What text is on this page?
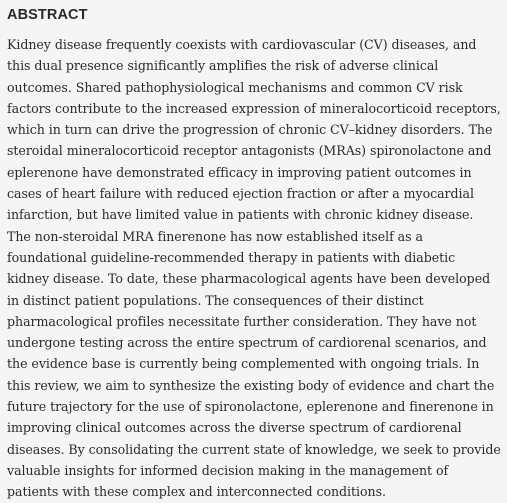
ABSTRACT

Kidney disease frequently coexists with cardiovascular (CV) diseases, and this dual presence significantly amplifies the risk of adverse clinical outcomes. Shared pathophysiological mechanisms and common CV risk factors contribute to the increased expression of mineralocorticoid receptors, which in turn can drive the progression of chronic CV–kidney disorders. The steroidal mineralocorticoid receptor antagonists (MRAs) spironolactone and eplerenone have demonstrated efficacy in improving patient outcomes in cases of heart failure with reduced ejection fraction or after a myocardial infarction, but have limited value in patients with chronic kidney disease. The non-steroidal MRA finerenone has now established itself as a foundational guideline-recommended therapy in patients with diabetic kidney disease. To date, these pharmacological agents have been developed in distinct patient populations. The consequences of their distinct pharmacological profiles necessitate further consideration. They have not undergone testing across the entire spectrum of cardiorenal scenarios, and the evidence base is currently being complemented with ongoing trials. In this review, we aim to synthesize the existing body of evidence and chart the future trajectory for the use of spironolactone, eplerenone and finerenone in improving clinical outcomes across the diverse spectrum of cardiorenal diseases. By consolidating the current state of knowledge, we seek to provide valuable insights for informed decision making in the management of patients with these complex and interconnected conditions.
